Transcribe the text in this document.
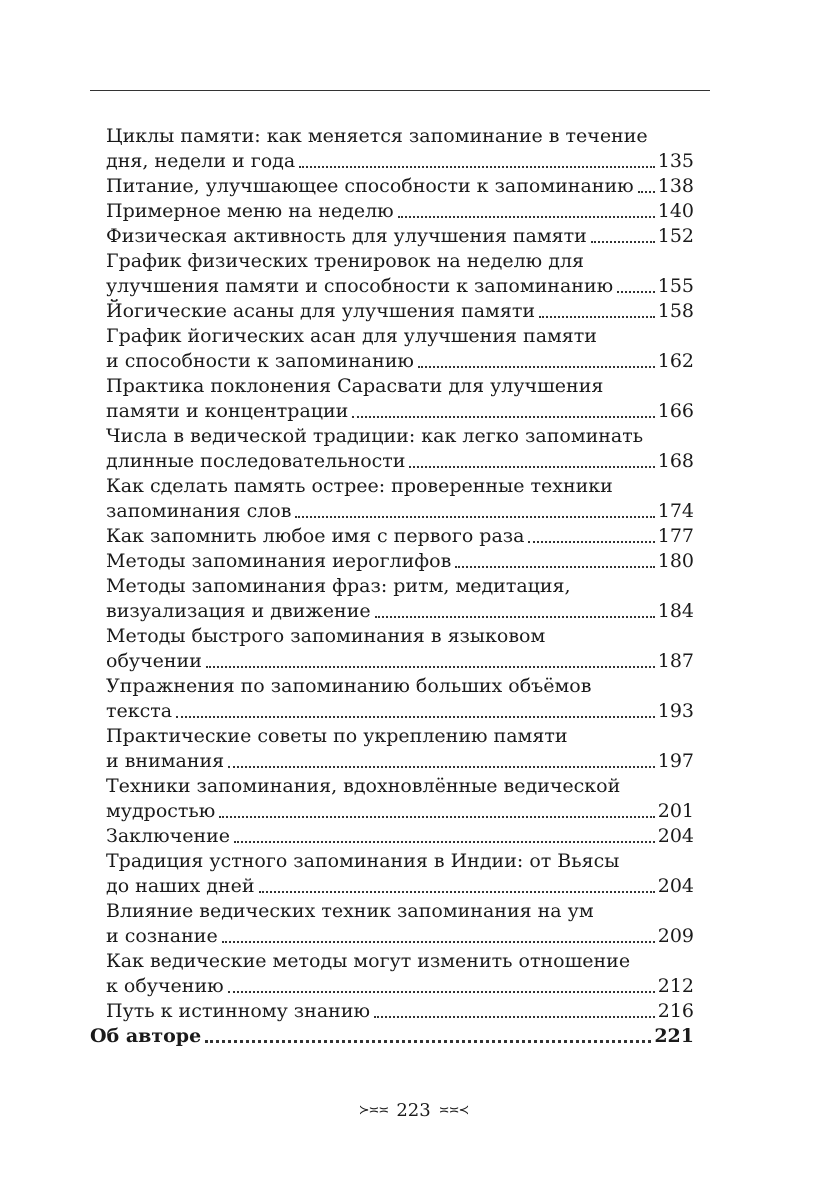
Циклы памяти: как меняется запоминание в течение
дня, недели и года	135
Питание, улучшающее способности к запоминанию 138
Примерное меню на неделю	140
Физическая активность для улучшения памяти	152
График физических тренировок на неделю для
улучшения памяти и способности к запоминанию 155
Йогические асаны для улучшения памяти	158
График йогических асан для улучшения памяти
и способности к запоминанию	162
Практика поклонения Сарасвати для улучшения
памяти и концентрации	166
Числа в ведической традиции: как легко запоминать
длинные последовательности	168
Как сделать память острее: проверенные техники
запоминания слов	174
Как запомнить любое имя с первого раза	177
Методы запоминания иероглифов	180
Методы запоминания фраз: ритм, медитация,
визуализация и движение	184
Методы быстрого запоминания в языковом
обучении	187
Упражнения по запоминанию больших объёмов
текста	193
Практические советы по укреплению памяти
и внимания	197
Техники запоминания, вдохновлённые ведической
мудростью	201
Заключение	204
Традиция устного запоминания в Индии: от Вьясы
до наших дней	204
Влияние ведических техник запоминания на ум
и сознание	209
Как ведические методы могут изменить отношение
к обучению	212
Путь к истинному знанию	216
Об авторе	221
≻≍≍ 223 ≍≍≺
